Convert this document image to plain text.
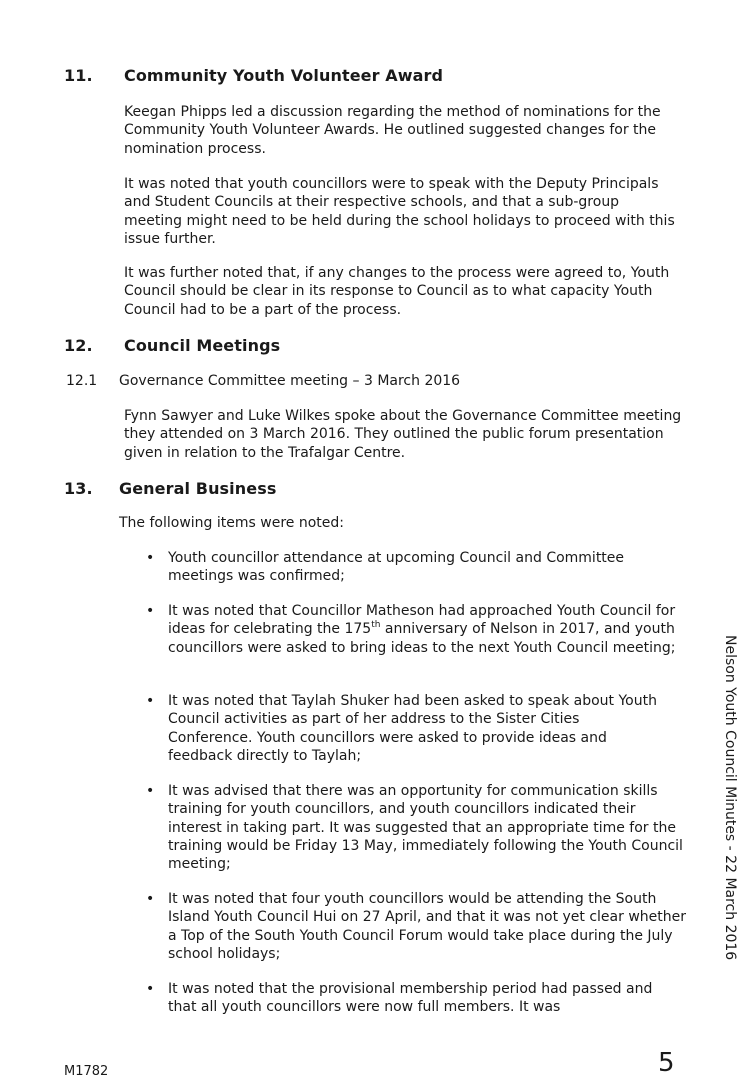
11. Community Youth Volunteer Award
Keegan Phipps led a discussion regarding the method of nominations for the Community Youth Volunteer Awards. He outlined suggested changes for the nomination process.
It was noted that youth councillors were to speak with the Deputy Principals and Student Councils at their respective schools, and that a sub-group meeting might need to be held during the school holidays to proceed with this issue further.
It was further noted that, if any changes to the process were agreed to, Youth Council should be clear in its response to Council as to what capacity Youth Council had to be a part of the process.
12. Council Meetings
12.1 Governance Committee meeting – 3 March 2016
Fynn Sawyer and Luke Wilkes spoke about the Governance Committee meeting they attended on 3 March 2016. They outlined the public forum presentation given in relation to the Trafalgar Centre.
13. General Business
The following items were noted:
• Youth councillor attendance at upcoming Council and Committee meetings was confirmed;
• It was noted that Councillor Matheson had approached Youth Council for ideas for celebrating the 175th anniversary of Nelson in 2017, and youth councillors were asked to bring ideas to the next Youth Council meeting;
• It was noted that Taylah Shuker had been asked to speak about Youth Council activities as part of her address to the Sister Cities Conference. Youth councillors were asked to provide ideas and feedback directly to Taylah;
• It was advised that there was an opportunity for communication skills training for youth councillors, and youth councillors indicated their interest in taking part. It was suggested that an appropriate time for the training would be Friday 13 May, immediately following the Youth Council meeting;
• It was noted that four youth councillors would be attending the South Island Youth Council Hui on 27 April, and that it was not yet clear whether a Top of the South Youth Council Forum would take place during the July school holidays;
• It was noted that the provisional membership period had passed and that all youth councillors were now full members. It was
Nelson Youth Council Minutes - 22 March 2016
M1782	5
